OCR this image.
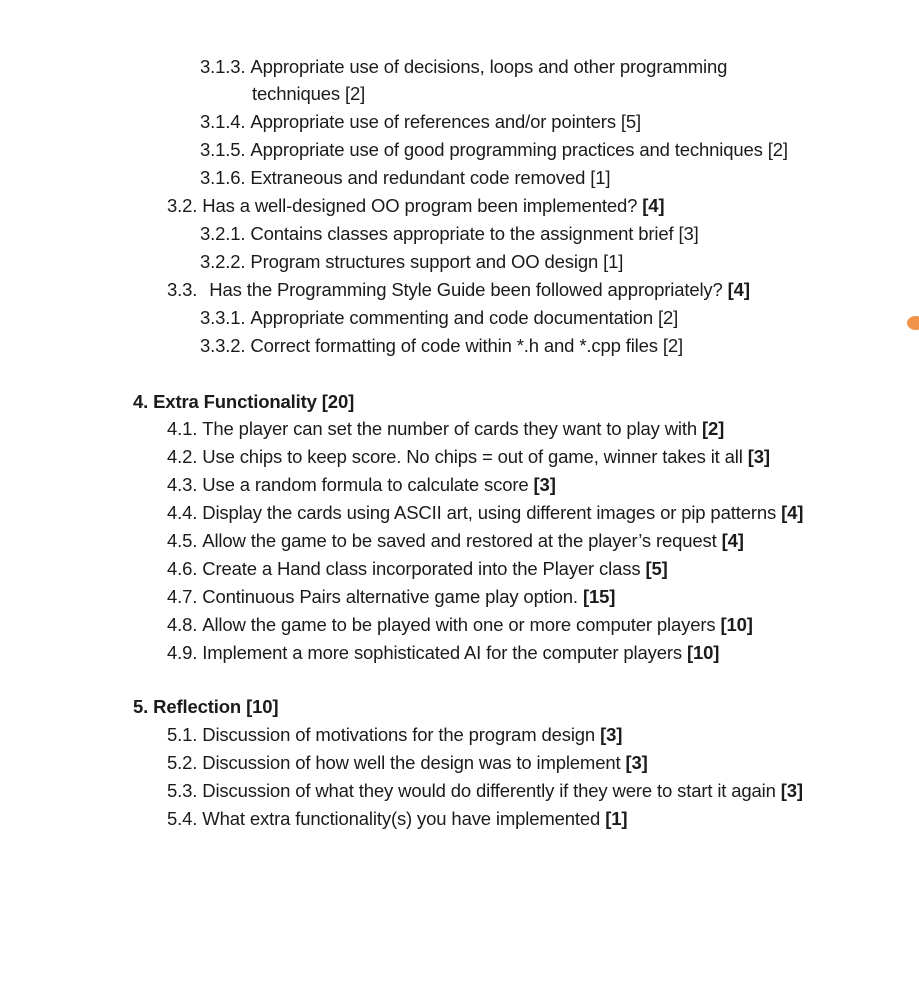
3.1.3. Appropriate use of decisions, loops and other programming
techniques [2]
3.1.4. Appropriate use of references and/or pointers [5]
3.1.5. Appropriate use of good programming practices and techniques [2]
3.1.6. Extraneous and redundant code removed [1]
3.2. Has a well-designed OO program been implemented? [4]
3.2.1. Contains classes appropriate to the assignment brief [3]
3.2.2. Program structures support and OO design [1]
3.3. Has the Programming Style Guide been followed appropriately? [4]
3.3.1. Appropriate commenting and code documentation [2]
3.3.2. Correct formatting of code within *.h and *.cpp files [2]
4. Extra Functionality [20]
4.1. The player can set the number of cards they want to play with [2]
4.2. Use chips to keep score. No chips = out of game, winner takes it all [3]
4.3. Use a random formula to calculate score [3]
4.4. Display the cards using ASCII art, using different images or pip patterns [4]
4.5. Allow the game to be saved and restored at the player’s request [4]
4.6. Create a Hand class incorporated into the Player class [5]
4.7. Continuous Pairs alternative game play option. [15]
4.8. Allow the game to be played with one or more computer players [10]
4.9. Implement a more sophisticated AI for the computer players [10]
5. Reflection [10]
5.1. Discussion of motivations for the program design [3]
5.2. Discussion of how well the design was to implement [3]
5.3. Discussion of what they would do differently if they were to start it again [3]
5.4. What extra functionality(s) you have implemented [1]
